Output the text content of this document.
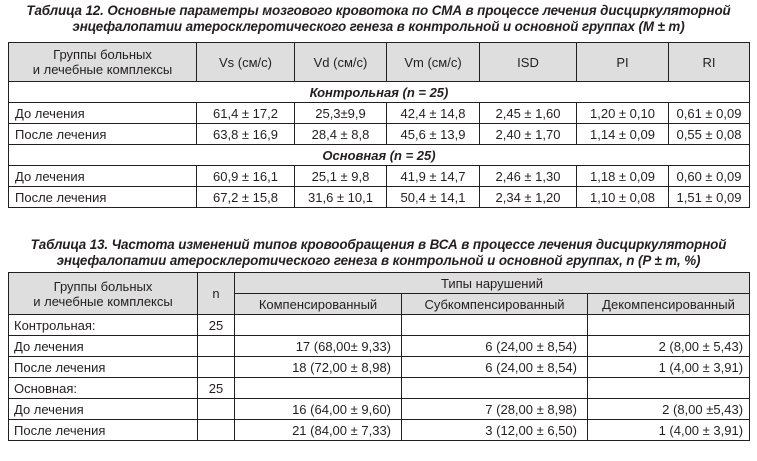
Таблица 12. Основные параметры мозгового кровотока по СМА в процессе лечения дисциркуляторной
энцефалопатии атеросклеротического генеза в контрольной и основной группах (M ± m)
Группы больных
и лечебные комплексы	Vs (см/с)	Vd (см/с)	Vm (см/с)	ISD	PI	RI
Контрольная (n = 25)						
До лечения	61,4 ± 17,2	25,3±9,9	42,4 ± 14,8	2,45 ± 1,60	1,20 ± 0,10	0,61 ± 0,09
После лечения	63,8 ± 16,9	28,4 ± 8,8	45,6 ± 13,9	2,40 ± 1,70	1,14 ± 0,09	0,55 ± 0,08
Основная (n = 25)						
До лечения	60,9 ± 16,1	25,1 ± 9,8	41,9 ± 14,7	2,46 ± 1,30	1,18 ± 0,09	0,60 ± 0,09
После лечения	67,2 ± 15,8	31,6 ± 10,1	50,4 ± 14,1	2,34 ± 1,20	1,10 ± 0,08	1,51 ± 0,09
Таблица 13. Частота изменений типов кровообращения в ВСА в процессе лечения дисциркуляторной
энцефалопатии атеросклеротического генеза в контрольной и основной группах, n (P ± m, %)
Группы больных
и лечебные комплексы	n	Типы нарушений		
		Компенсированный	Субкомпенсированный	Декомпенсированный
Контрольная:	25			
До лечения		17 (68,00± 9,33)	6 (24,00 ± 8,54)	2 (8,00 ± 5,43)
После лечения		18 (72,00 ± 8,98)	6 (24,00 ± 8,54)	1 (4,00 ± 3,91)
Основная:	25			
До лечения		16 (64,00 ± 9,60)	7 (28,00 ± 8,98)	2 (8,00 ±5,43)
После лечения		21 (84,00 ± 7,33)	3 (12,00 ± 6,50)	1 (4,00 ± 3,91)
